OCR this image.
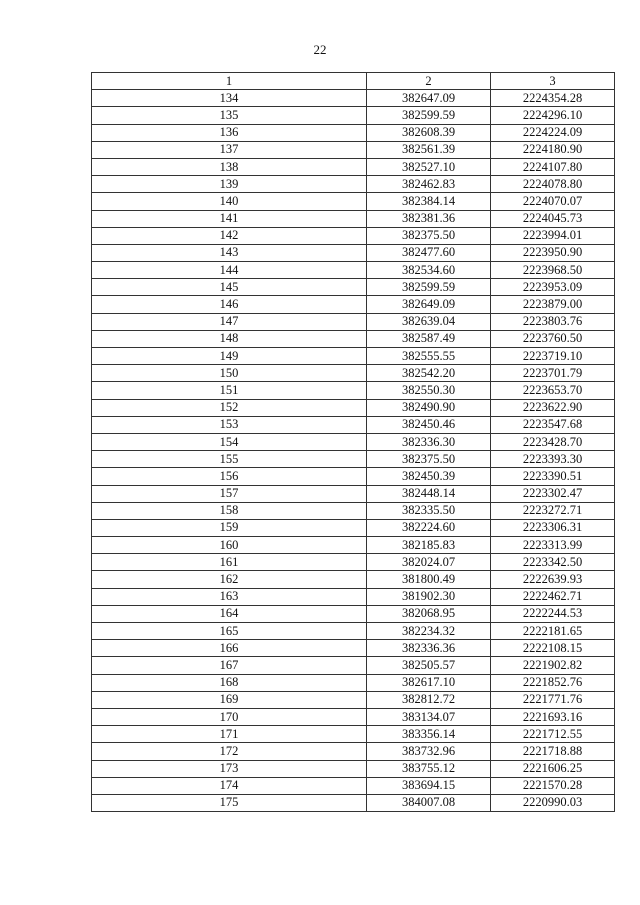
22
1	2	3
134	382647.09	2224354.28
135	382599.59	2224296.10
136	382608.39	2224224.09
137	382561.39	2224180.90
138	382527.10	2224107.80
139	382462.83	2224078.80
140	382384.14	2224070.07
141	382381.36	2224045.73
142	382375.50	2223994.01
143	382477.60	2223950.90
144	382534.60	2223968.50
145	382599.59	2223953.09
146	382649.09	2223879.00
147	382639.04	2223803.76
148	382587.49	2223760.50
149	382555.55	2223719.10
150	382542.20	2223701.79
151	382550.30	2223653.70
152	382490.90	2223622.90
153	382450.46	2223547.68
154	382336.30	2223428.70
155	382375.50	2223393.30
156	382450.39	2223390.51
157	382448.14	2223302.47
158	382335.50	2223272.71
159	382224.60	2223306.31
160	382185.83	2223313.99
161	382024.07	2223342.50
162	381800.49	2222639.93
163	381902.30	2222462.71
164	382068.95	2222244.53
165	382234.32	2222181.65
166	382336.36	2222108.15
167	382505.57	2221902.82
168	382617.10	2221852.76
169	382812.72	2221771.76
170	383134.07	2221693.16
171	383356.14	2221712.55
172	383732.96	2221718.88
173	383755.12	2221606.25
174	383694.15	2221570.28
175	384007.08	2220990.03
